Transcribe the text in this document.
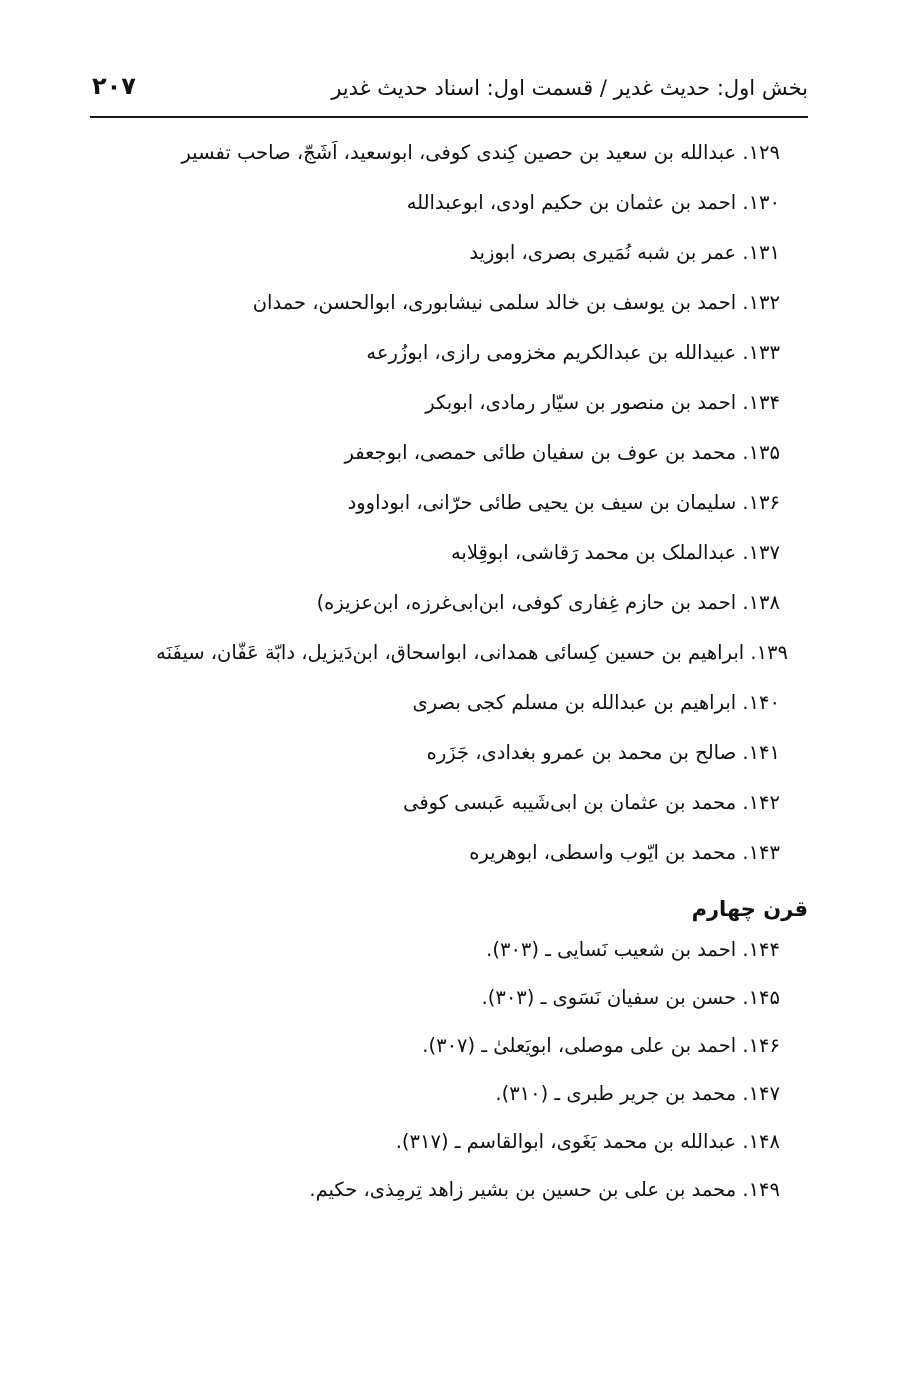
بخش اول: حدیث غدیر / قسمت اول: اسناد حدیث غدیر
۲۰۷
۱۲۹. عبدالله بن سعید بن حصین کِندی کوفی، ابوسعید، اَشَجّ، صاحب تفسیر
۱۳۰. احمد بن عثمان بن حکیم اودی، ابوعبدالله
۱۳۱. عمر بن شبه نُمَیری بصری، ابوزید
۱۳۲. احمد بن یوسف بن خالد سلمی نیشابوری، ابوالحسن، حمدان
۱۳۳. عبیدالله بن عبدالکریم مخزومی رازی، ابوزُرعه
۱۳۴. احمد بن منصور بن سیّار رمادی، ابوبکر
۱۳۵. محمد بن عوف بن سفیان طائی حمصی، ابوجعفر
۱۳۶. سلیمان بن سیف بن یحیی طائی حرّانی، ابوداوود
۱۳۷. عبدالملک بن محمد رَقاشی، ابوقِلابه
۱۳۸. احمد بن حازم غِفاری کوفی، ابن‌ابی‌غرزه، ابن‌عزیزه)
۱۳۹. ابراهیم بن حسین کِسائی همدانی، ابواسحاق، ابن‌دَیزیل، دابّة عَفّان، سیفَنَه
۱۴۰. ابراهیم بن عبدالله بن مسلم کجی بصری
۱۴۱. صالح بن محمد بن عمرو بغدادی، جَزَره
۱۴۲. محمد بن عثمان بن ابی‌شَیبه عَبسی کوفی
۱۴۳. محمد بن ایّوب واسطی، ابوهریره
قرن چهارم
۱۴۴. احمد بن شعیب نَسایی ـ (۳۰۳).
۱۴۵. حسن بن سفیان نَسَوی ـ (۳۰۳).
۱۴۶. احمد بن علی موصلی، ابویَعلیٰ ـ (۳۰۷).
۱۴۷. محمد بن جریر طبری ـ (۳۱۰).
۱۴۸. عبدالله بن محمد بَغَوی، ابوالقاسم ـ (۳۱۷).
۱۴۹. محمد بن علی بن حسین بن بشیر زاهد تِرمِذی، حکیم.
